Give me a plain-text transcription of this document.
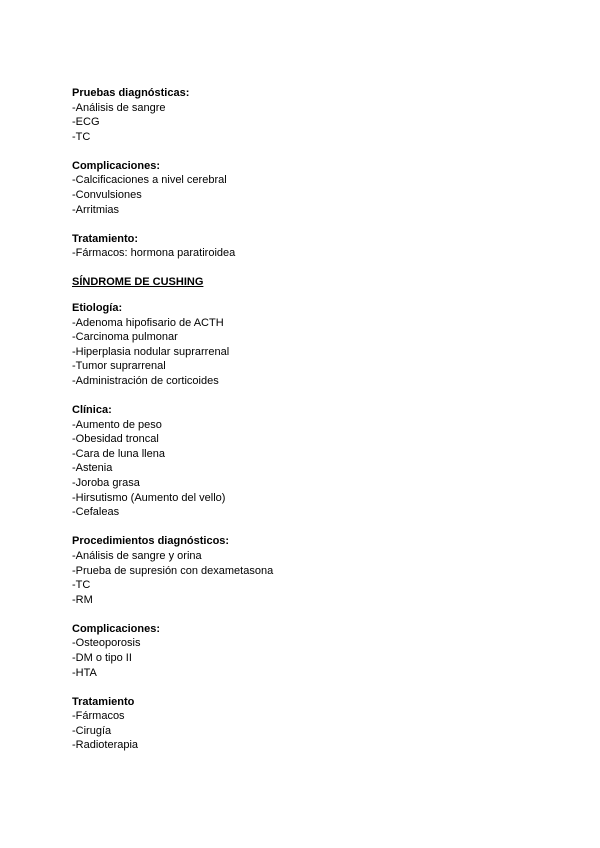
Pruebas diagnósticas:
-Análisis de sangre
-ECG
-TC
Complicaciones:
-Calcificaciones a nivel cerebral
-Convulsiones
-Arritmias
Tratamiento:
-Fármacos: hormona paratiroidea
SÍNDROME DE CUSHING
Etiología:
-Adenoma hipofisario de ACTH
-Carcinoma pulmonar
-Hiperplasia nodular suprarrenal
-Tumor suprarrenal
-Administración de corticoides
Clínica:
-Aumento de peso
-Obesidad troncal
-Cara de luna llena
-Astenia
-Joroba grasa
-Hirsutismo (Aumento del vello)
-Cefaleas
Procedimientos diagnósticos:
-Análisis de sangre y orina
-Prueba de supresión con dexametasona
-TC
-RM
Complicaciones:
-Osteoporosis
-DM o tipo II
-HTA
Tratamiento
-Fármacos
-Cirugía
-Radioterapia
